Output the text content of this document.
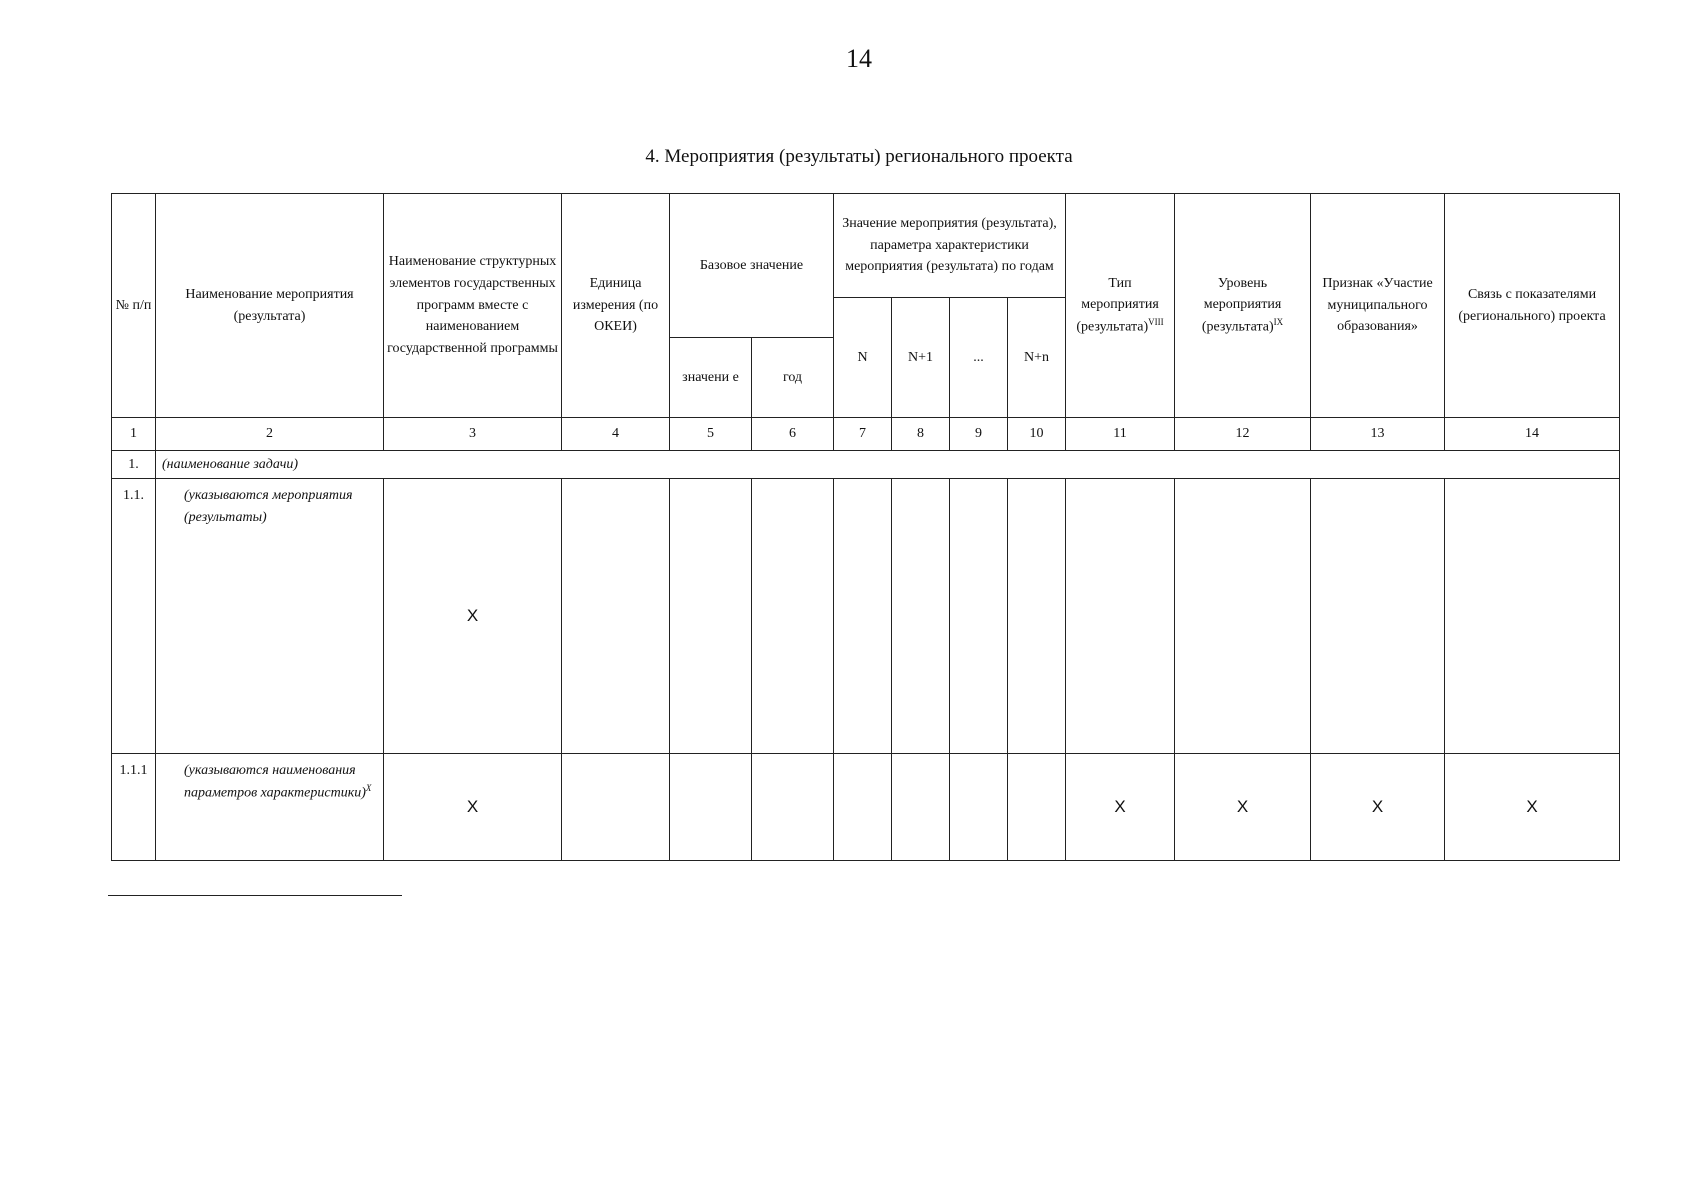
14
4. Мероприятия (результаты) регионального проекта
№ п/п	Наименование мероприятия (результата)	Наименование структурных элементов государственных программ вместе с наименованием государственной программы	Единица измерения (по ОКЕИ)	Базовое значение		Значение мероприятия (результата), параметра характеристики мероприятия (результата) по годам				Тип мероприятия (результата)$^{VIII}$	Уровень мероприятия (результата)$^{IX}$	Признак «Участие муниципального образования»	Связь с показателями (регионального) проекта
						N	N+1	...	N+n				
				значени е	год								
1	2	3	4	5	6	7	8	9	10	11	12	13	14
1.	(наименование задачи)												
1.1.	(указываются мероприятия (результаты)	X											
1.1.1	(указываются наименования параметров характеристики)$^X$	X								X	X	X	X
